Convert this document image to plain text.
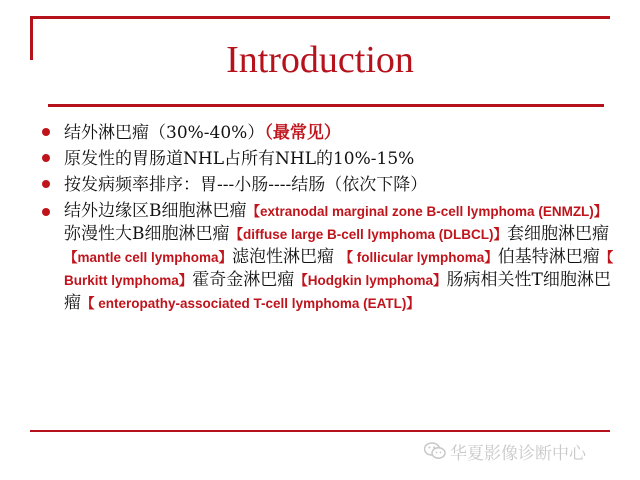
Introduction
结外淋巴瘤（30%-40%）（最常见）
原发性的胃肠道NHL占所有NHL的10%-15%
按发病频率排序：胃---小肠----结肠（依次下降）
结外边缘区B细胞淋巴瘤【extranodal marginal zone B-cell lymphoma (ENMZL)】弥漫性大B细胞淋巴瘤【diffuse large B-cell lymphoma (DLBCL)】套细胞淋巴瘤【mantle cell lymphoma】滤泡性淋巴瘤 【 follicular lymphoma】伯基特淋巴瘤【 Burkitt lymphoma】霍奇金淋巴瘤【Hodgkin lymphoma】肠病相关性T细胞淋巴瘤【 enteropathy-associated T-cell lymphoma (EATL)】
华夏影像诊断中心
